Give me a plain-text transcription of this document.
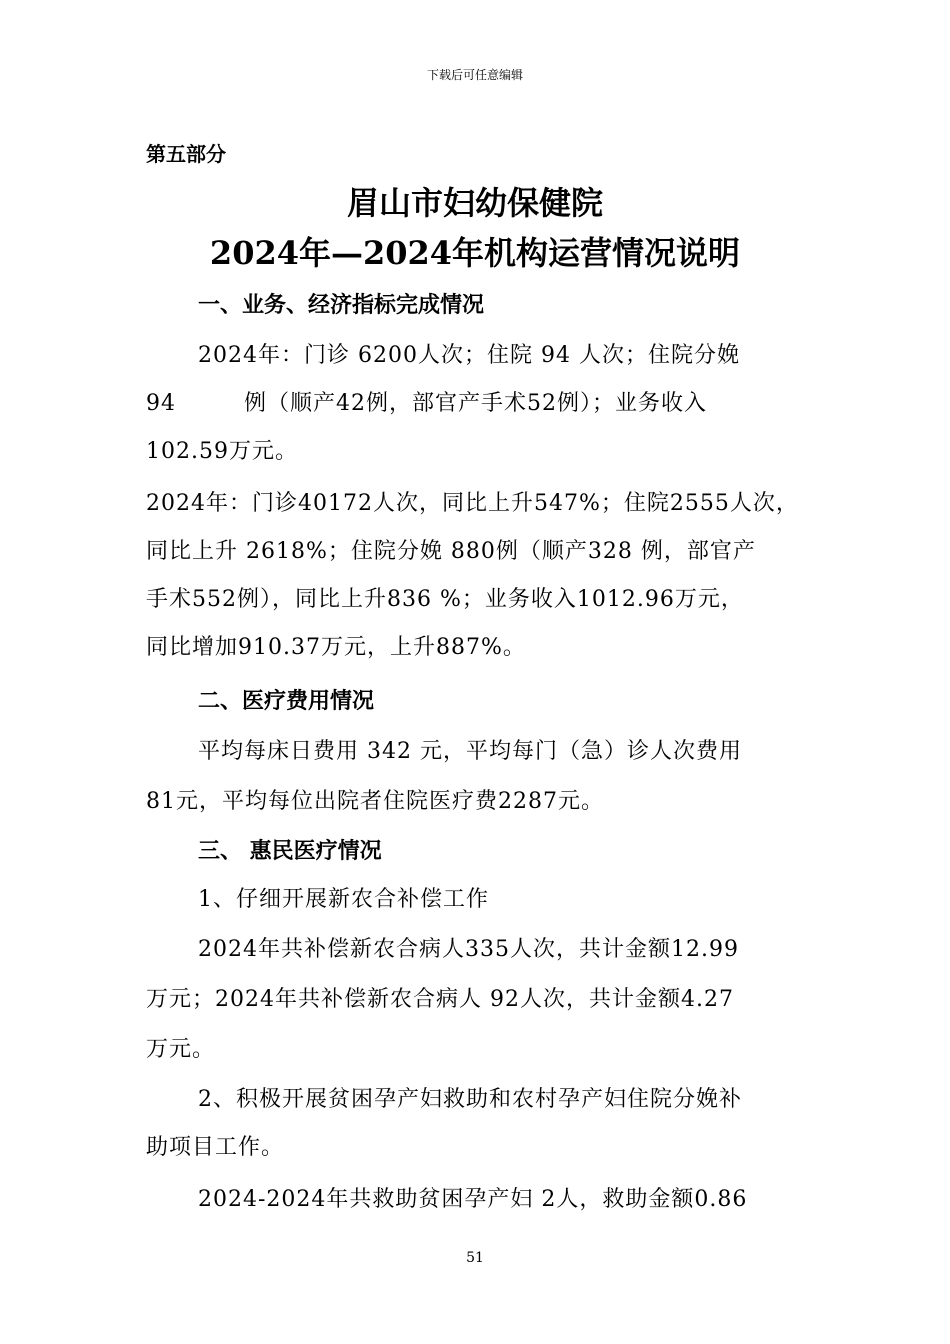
下载后可任意编辑
第五部分
眉山市妇幼保健院
2024年—2024年机构运营情况说明
一、业务、经济指标完成情况
2024年：门诊 6200人次；住院 94 人次；住院分娩
94	例（顺产42例，部官产手术52例）；业务收入
102.59万元。
2024年：门诊40172人次，同比上升547%；住院2555人次，
同比上升 2618%；住院分娩 880例（顺产328 例，部官产
手术552例），同比上升836 %；业务收入1012.96万元，
同比增加910.37万元，上升887%。
二、医疗费用情况
平均每床日费用 342 元，平均每门（急）诊人次费用
81元，平均每位出院者住院医疗费2287元。
三、 惠民医疗情况
1、仔细开展新农合补偿工作
2024年共补偿新农合病人335人次，共计金额12.99
万元；2024年共补偿新农合病人 92人次，共计金额4.27
万元。
2、积极开展贫困孕产妇救助和农村孕产妇住院分娩补
助项目工作。
2024-2024年共救助贫困孕产妇 2人，救助金额0.86
51
